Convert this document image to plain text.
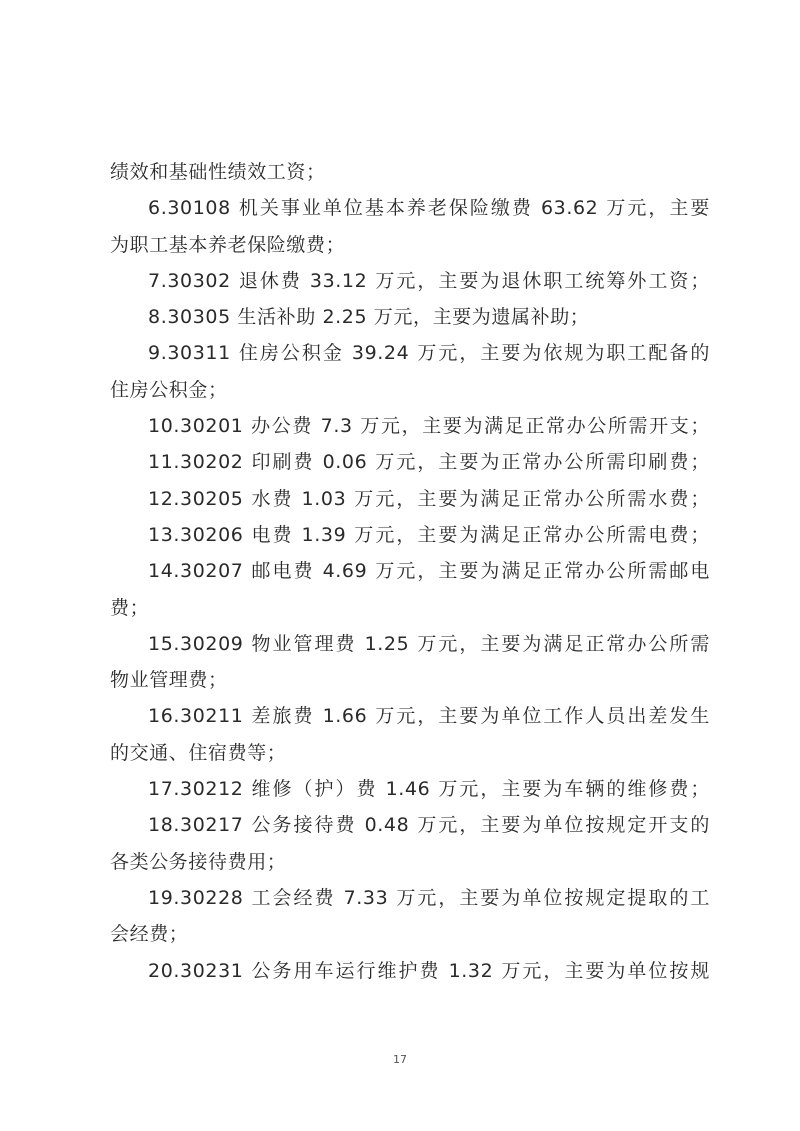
绩效和基础性绩效工资；
6.30108 机关事业单位基本养老保险缴费 63.62 万元，主要
为职工基本养老保险缴费；
7.30302 退休费 33.12 万元，主要为退休职工统筹外工资；
8.30305 生活补助 2.25 万元，主要为遗属补助；
9.30311 住房公积金 39.24 万元，主要为依规为职工配备的
住房公积金；
10.30201 办公费 7.3 万元，主要为满足正常办公所需开支；
11.30202 印刷费 0.06 万元，主要为正常办公所需印刷费；
12.30205 水费 1.03 万元，主要为满足正常办公所需水费；
13.30206 电费 1.39 万元，主要为满足正常办公所需电费；
14.30207 邮电费 4.69 万元，主要为满足正常办公所需邮电
费；
15.30209 物业管理费 1.25 万元，主要为满足正常办公所需
物业管理费；
16.30211 差旅费 1.66 万元，主要为单位工作人员出差发生
的交通、住宿费等；
17.30212 维修（护）费 1.46 万元，主要为车辆的维修费；
18.30217 公务接待费 0.48 万元，主要为单位按规定开支的
各类公务接待费用；
19.30228 工会经费 7.33 万元，主要为单位按规定提取的工
会经费；
20.30231 公务用车运行维护费 1.32 万元，主要为单位按规
17
